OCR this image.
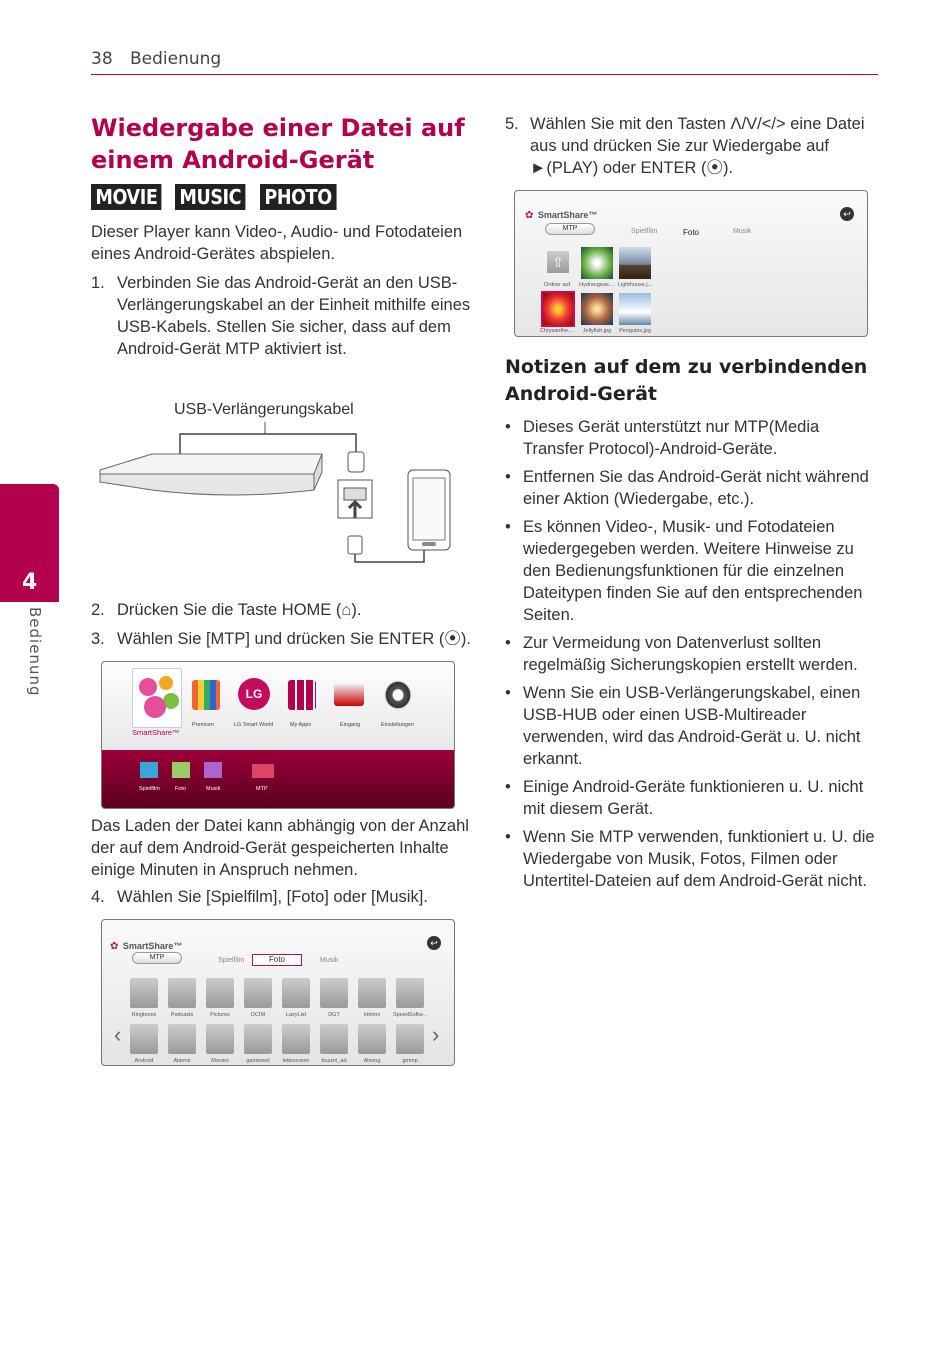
38 Bedienung
4
Bedienung
Wiedergabe einer Datei auf einem Android-Gerät
MOVIE MUSIC PHOTO
Dieser Player kann Video-, Audio- und Fotodateien eines Android-Gerätes abspielen.
1. Verbinden Sie das Android-Gerät an den USB-Verlängerungskabel an der Einheit mithilfe eines USB-Kabels. Stellen Sie sicher, dass auf dem Android-Gerät MTP aktiviert ist.
USB-Verlängerungskabel
2. Drücken Sie die Taste HOME (⌂).
3. Wählen Sie [MTP] und drücken Sie ENTER (⦿).
SmartShare™
LG
Premium	LG Smart World	My Apps	Eingang	Einstellungen
Spielfilm	Foto	Musik	MTP
Das Laden der Datei kann abhängig von der Anzahl der auf dem Android-Gerät gespeicherten Inhalte einige Minuten in Anspruch nehmen.
4. Wählen Sie [Spielfilm], [Foto] oder [Musik].
✿ SmartShare™
MTP	Spielfilm	Foto	Musik
↩
‹	›
Ringtones	Podcasts	Pictures	DCIM	LazyList	DGT	kttmini	SpeedSoftw...
Android	Alarms	Movies	gansewol	lettescreen	buzzni_ad	Alsong	gmmp
5. Wählen Sie mit den Tasten Λ/V/</> eine Datei aus und drücken Sie zur Wiedergabe auf ►(PLAY) oder ENTER (⦿).
✿ SmartShare™
MTP	Spielfilm	Foto	Musik
↩
⇧
Ordner auf	Hydrangeas.... Lighthouse.j...
Chrysanthe....	Jellyfish.jpg	Penguins.jpg
Notizen auf dem zu verbindenden Android-Gerät
• Dieses Gerät unterstützt nur MTP(Media Transfer Protocol)-Android-Geräte.
• Entfernen Sie das Android-Gerät nicht während einer Aktion (Wiedergabe, etc.).
• Es können Video-, Musik- und Fotodateien wiedergegeben werden. Weitere Hinweise zu den Bedienungsfunktionen für die einzelnen Dateitypen finden Sie auf den entsprechenden Seiten.
• Zur Vermeidung von Datenverlust sollten regelmäßig Sicherungskopien erstellt werden.
• Wenn Sie ein USB-Verlängerungskabel, einen USB-HUB oder einen USB-Multireader verwenden, wird das Android-Gerät u. U. nicht erkannt.
• Einige Android-Geräte funktionieren u. U. nicht mit diesem Gerät.
• Wenn Sie MTP verwenden, funktioniert u. U. die Wiedergabe von Musik, Fotos, Filmen oder Untertitel-Dateien auf dem Android-Gerät nicht.
